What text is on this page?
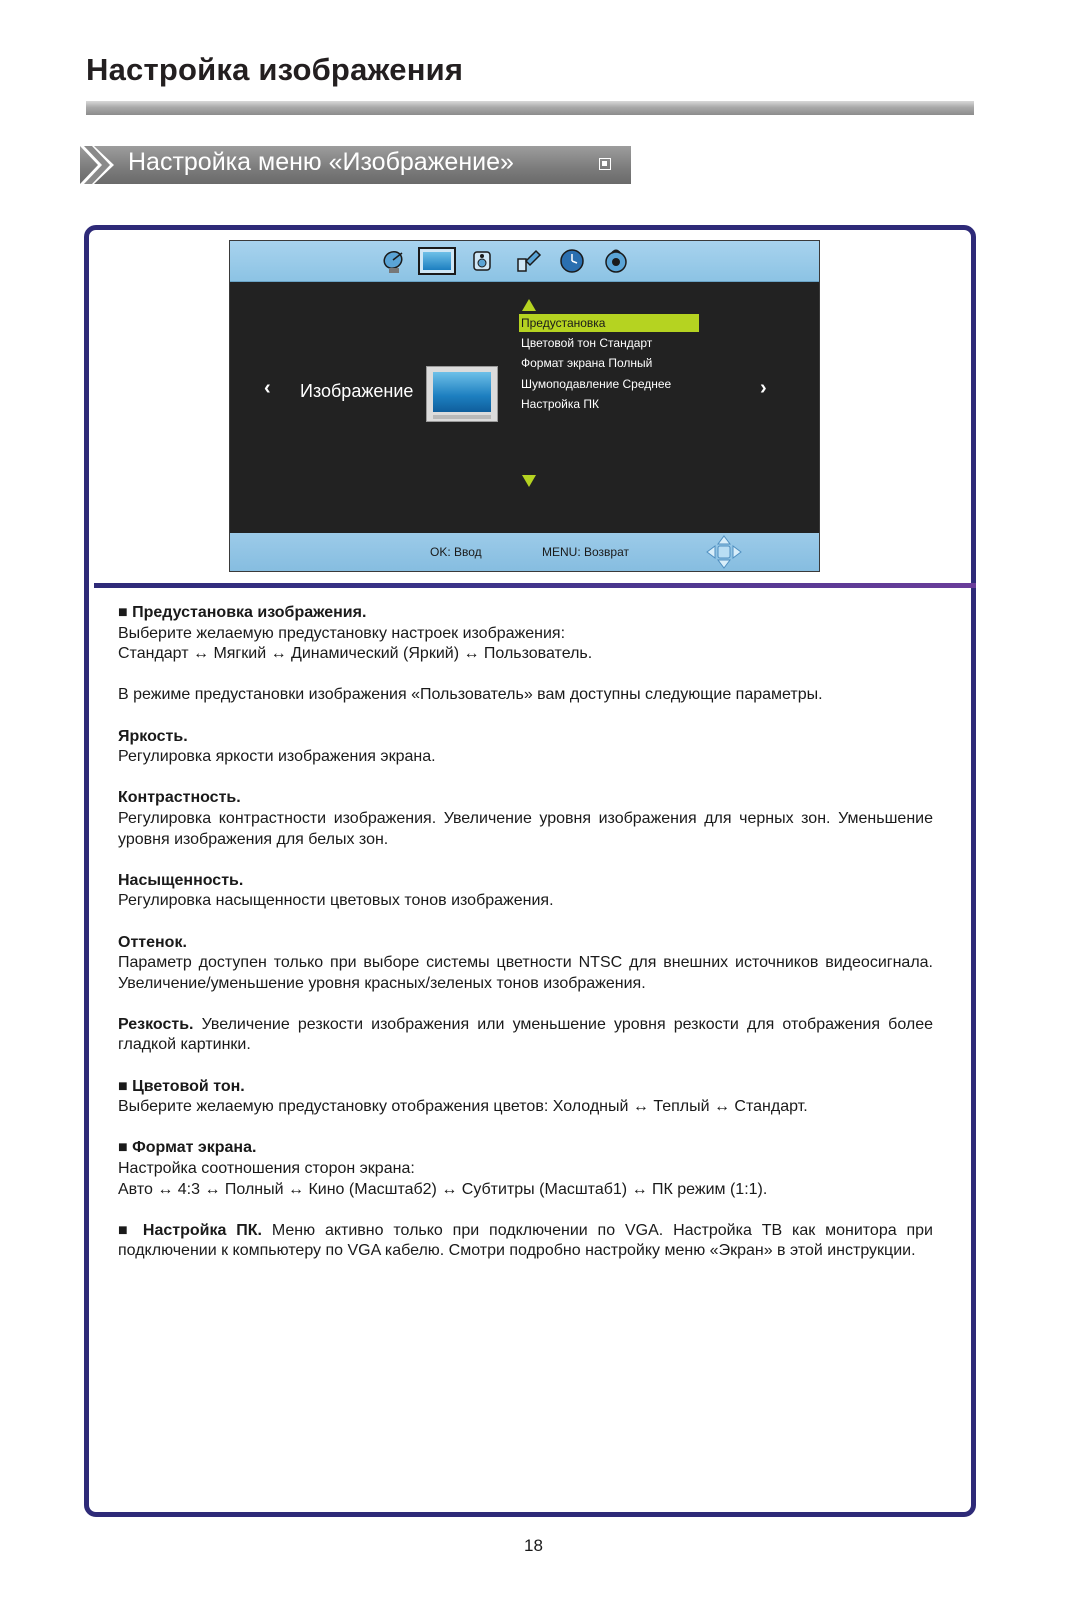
Настройка изображения
Настройка меню «Изображение»
‹ Изображение	›
Предустановка
Цветовой тон Стандарт
Формат экрана Полный
Шумоподавление Среднее
Настройка ПК
OK: Ввод	MENU: Возврат
■ Предустановка изображения.
Выберите желаемую предустановку настроек изображения:
Стандарт ↔ Мягкий ↔ Динамический (Яркий) ↔ Пользователь.
В режиме предустановки изображения «Пользователь» вам доступны следующие параметры.
Яркость.
Регулировка яркости изображения экрана.
Контрастность.
Регулировка контрастности изображения. Увеличение уровня изображения для черных зон. Уменьшение уровня изображения для белых зон.
Насыщенность.
Регулировка насыщенности цветовых тонов изображения.
Оттенок.
Параметр доступен только при выборе системы цветности NTSC для внешних источников видеосигнала. Увеличение/уменьшение уровня красных/зеленых тонов изображения.
Резкость. Увеличение резкости изображения или уменьшение уровня резкости для отображения более гладкой картинки.
■ Цветовой тон.
Выберите желаемую предустановку отображения цветов: Холодный ↔ Теплый ↔ Стандарт.
■ Формат экрана.
Настройка соотношения сторон экрана:
Авто ↔ 4:3 ↔ Полный ↔ Кино (Масштаб2) ↔ Субтитры (Масштаб1) ↔ ПК режим (1:1).
■ Настройка ПК. Меню активно только при подключении по VGA. Настройка ТВ как монитора при подключении к компьютеру по VGA кабелю. Смотри подробно настройку меню «Экран» в этой инструкции.
18
